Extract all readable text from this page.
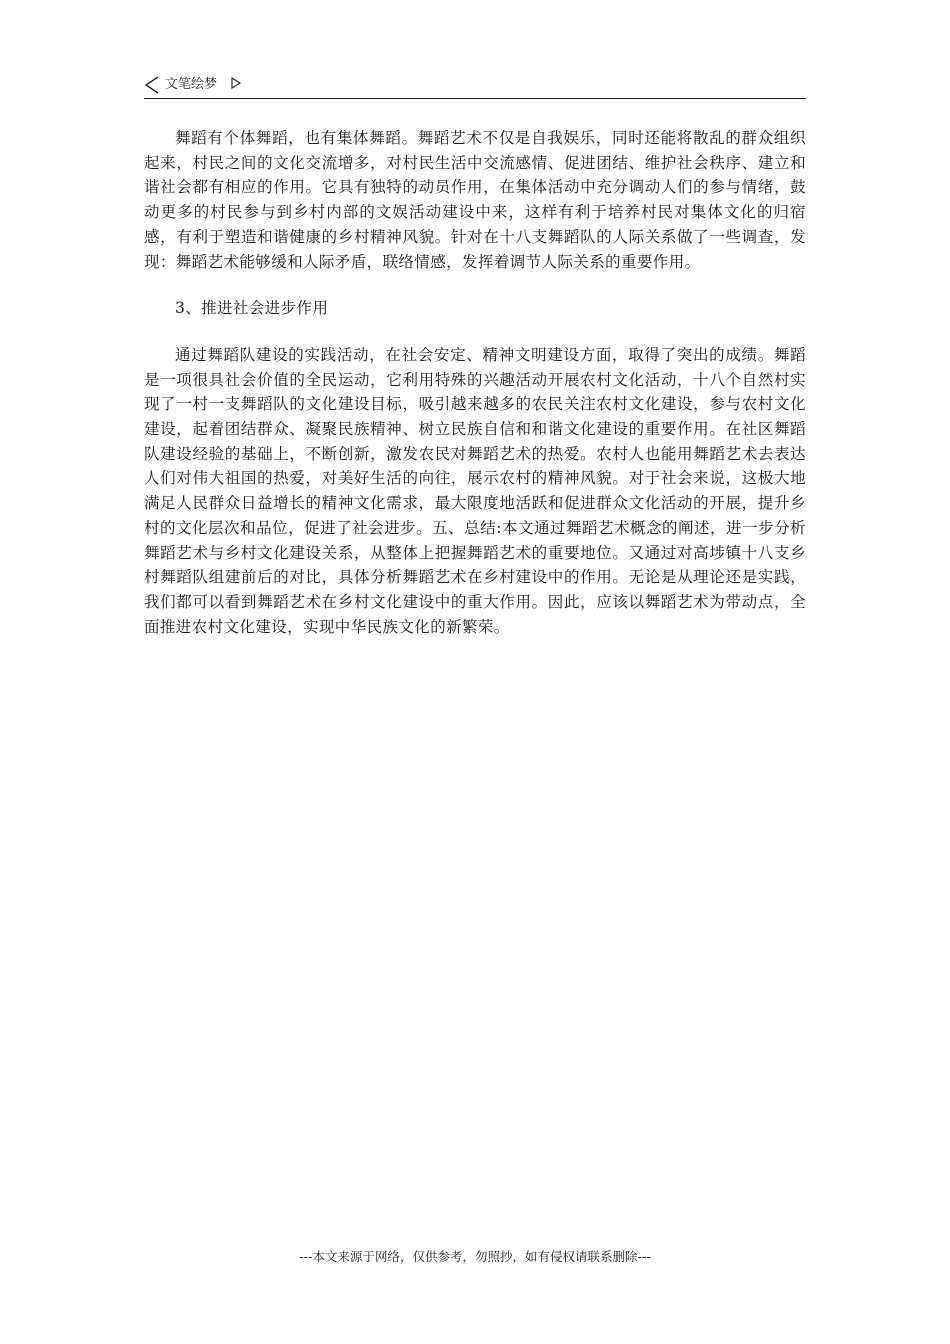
文笔绘梦

舞蹈有个体舞蹈，也有集体舞蹈。舞蹈艺术不仅是自我娱乐，同时还能将散乱的群众组织起来，村民之间的文化交流增多，对村民生活中交流感情、促进团结、维护社会秩序、建立和谐社会都有相应的作用。它具有独特的动员作用，在集体活动中充分调动人们的参与情绪，鼓动更多的村民参与到乡村内部的文娱活动建设中来，这样有利于培养村民对集体文化的归宿感，有利于塑造和谐健康的乡村精神风貌。针对在十八支舞蹈队的人际关系做了一些调查，发现：舞蹈艺术能够缓和人际矛盾，联络情感，发挥着调节人际关系的重要作用。

3、推进社会进步作用

通过舞蹈队建设的实践活动，在社会安定、精神文明建设方面，取得了突出的成绩。舞蹈是一项很具社会价值的全民运动，它利用特殊的兴趣活动开展农村文化活动，十八个自然村实现了一村一支舞蹈队的文化建设目标，吸引越来越多的农民关注农村文化建设，参与农村文化建设，起着团结群众、凝聚民族精神、树立民族自信和和谐文化建设的重要作用。在社区舞蹈队建设经验的基础上，不断创新，激发农民对舞蹈艺术的热爱。农村人也能用舞蹈艺术去表达人们对伟大祖国的热爱，对美好生活的向往，展示农村的精神风貌。对于社会来说，这极大地满足人民群众日益增长的精神文化需求，最大限度地活跃和促进群众文化活动的开展，提升乡村的文化层次和品位，促进了社会进步。五、总结:本文通过舞蹈艺术概念的阐述，进一步分析舞蹈艺术与乡村文化建设关系，从整体上把握舞蹈艺术的重要地位。又通过对高埗镇十八支乡村舞蹈队组建前后的对比，具体分析舞蹈艺术在乡村建设中的作用。无论是从理论还是实践，我们都可以看到舞蹈艺术在乡村文化建设中的重大作用。因此，应该以舞蹈艺术为带动点，全面推进农村文化建设，实现中华民族文化的新繁荣。

---本文来源于网络，仅供参考，勿照抄，如有侵权请联系删除---
